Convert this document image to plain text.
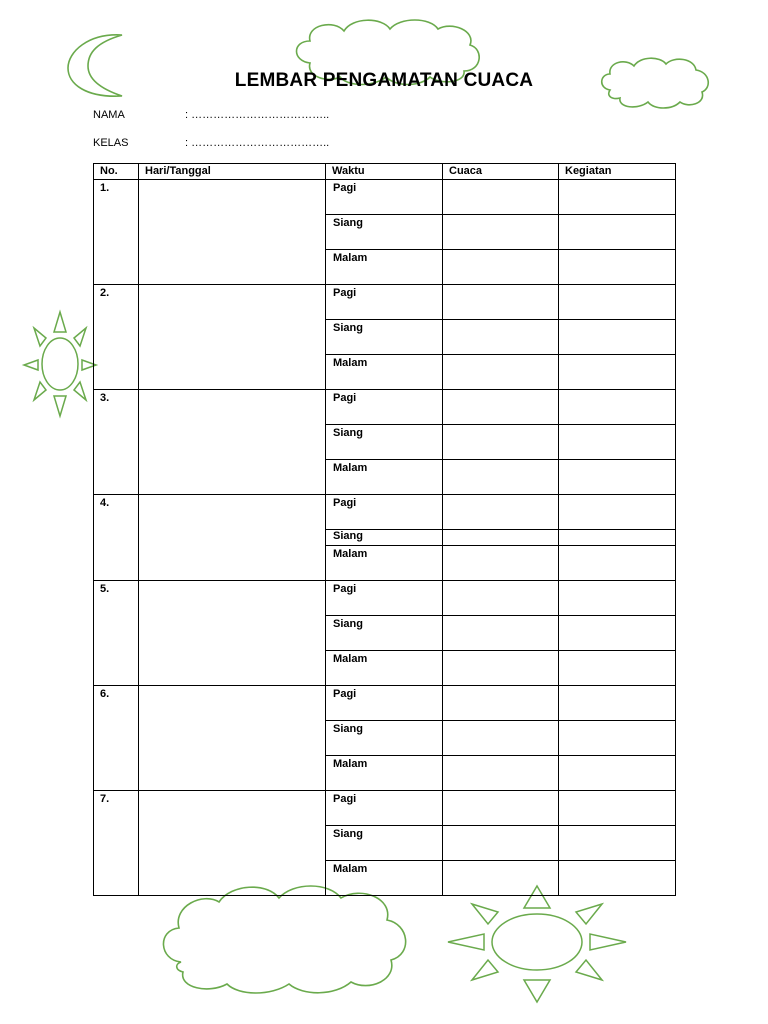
LEMBAR PENGAMATAN CUACA
NAMA	: ………………………………..
KELAS	: ………………………………..
No.	Hari/Tanggal	Waktu	Cuaca	Kegiatan
1.		Pagi		
		Siang		
		Malam		
2.		Pagi		
		Siang		
		Malam		
3.		Pagi		
		Siang		
		Malam		
4.		Pagi		
		Siang		
		Malam		
5.		Pagi		
		Siang		
		Malam		
6.		Pagi		
		Siang		
		Malam		
7.		Pagi		
		Siang		
		Malam		
